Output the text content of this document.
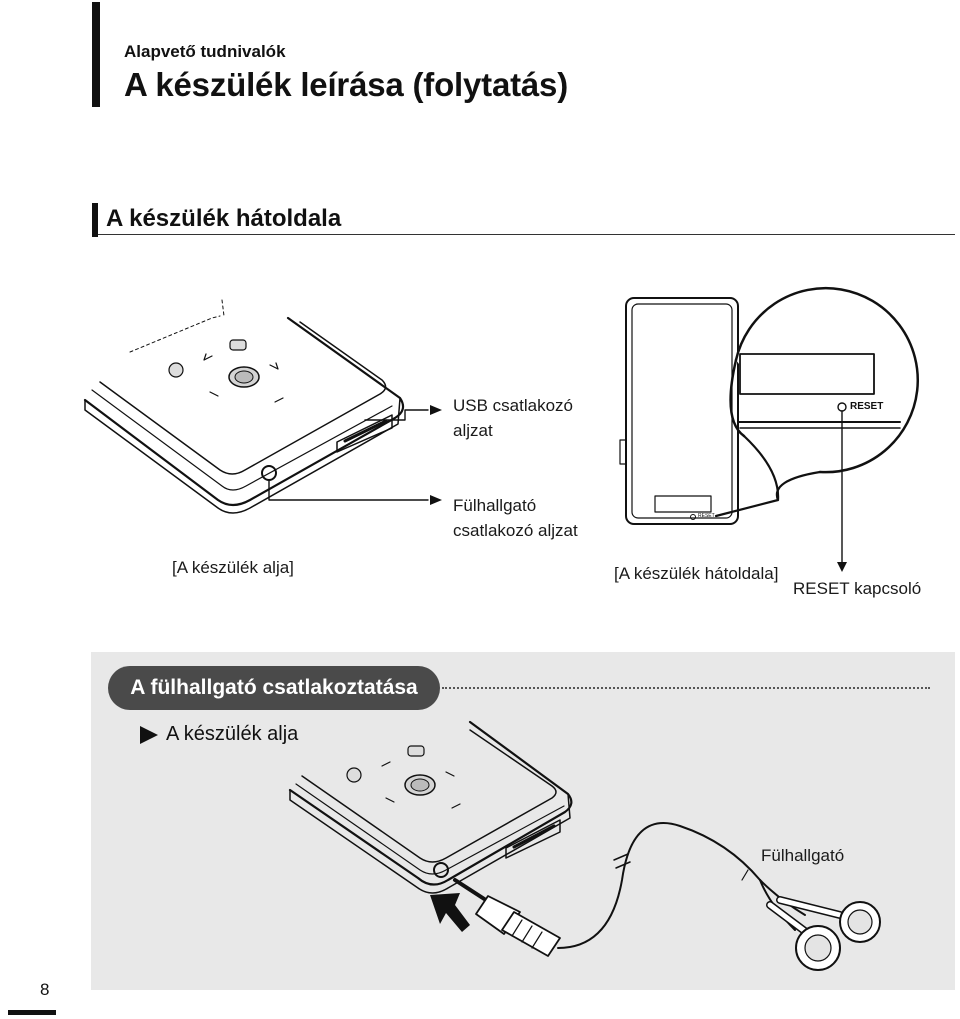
Alapvető tudnivalók
A készülék leírása (folytatás)
A készülék hátoldala
USB csatlakozó
aljzat
Fülhallgató
csatlakozó aljzat
[A készülék alja]	[A készülék hátoldala]
RESET kapcsoló
RESET
RESET
A fülhallgató csatlakoztatása
A készülék alja
Fülhallgató
8
